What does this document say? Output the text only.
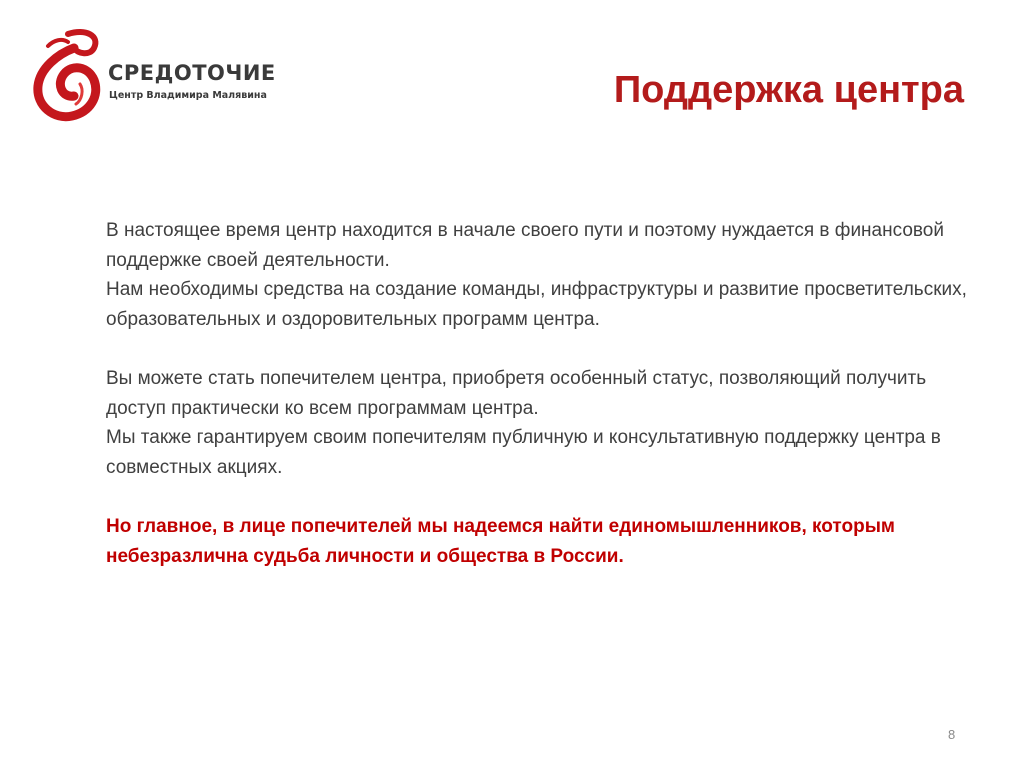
СРЕДОТОЧИЕ
Центр Владимира Малявина	Поддержка центра

В настоящее время центр находится в начале своего пути и поэтому нуждается в финансовой поддержке своей деятельности.

Нам необходимы средства на создание команды, инфраструктуры и развитие просветительских, образовательных и оздоровительных программ центра.

Вы можете стать попечителем центра, приобретя особенный статус, позволяющий получить доступ практически ко всем программам центра.

Мы также гарантируем своим попечителям публичную и консультативную поддержку центра в совместных акциях.

Но главное, в лице попечителей мы надеемся найти единомышленников, которым небезразлична судьба личности и общества в России.

8
